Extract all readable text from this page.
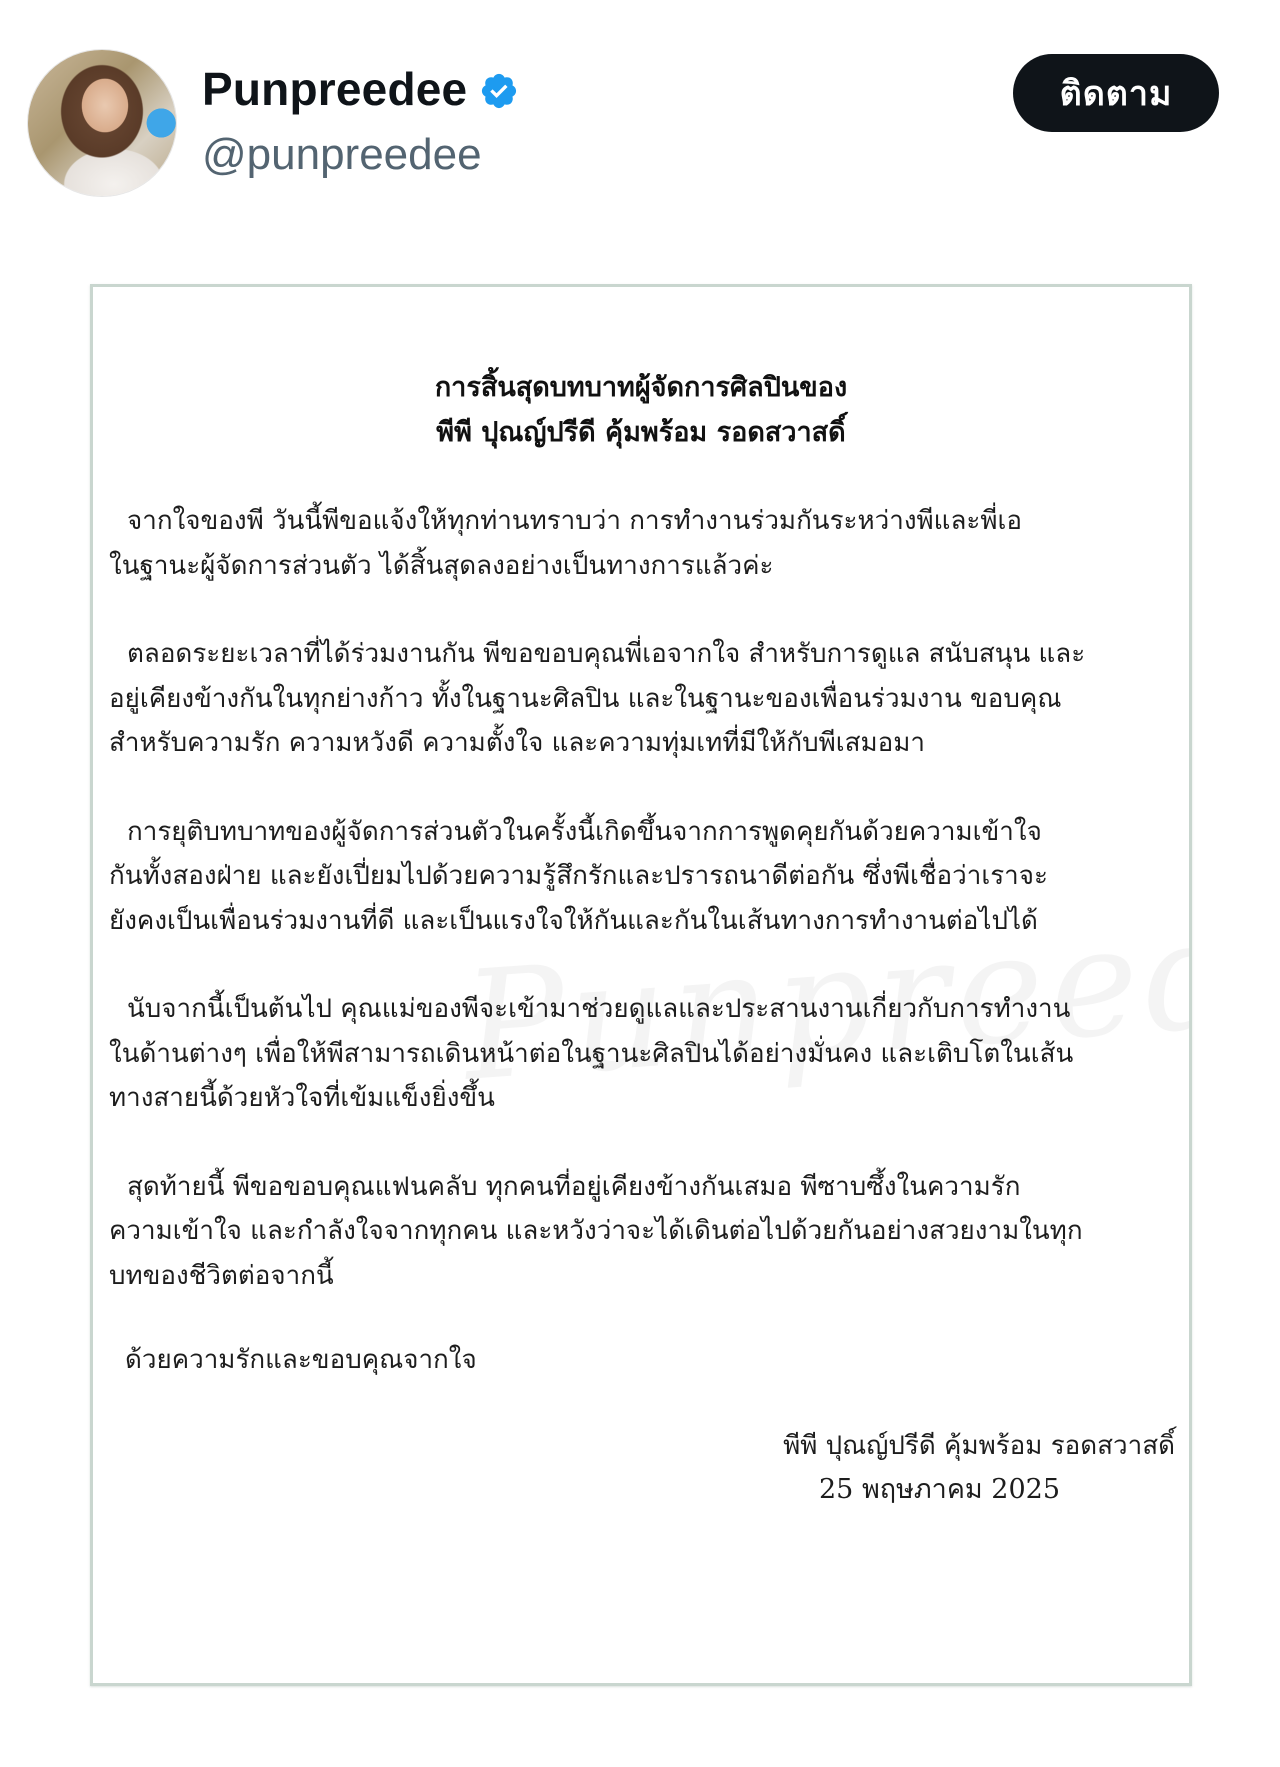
Punpreedee
@punpreedee
ติดตาม
การสิ้นสุดบทบาทผู้จัดการศิลปินของ
พีพี ปุณญ์ปรีดี คุ้มพร้อม รอดสวาสดิ์

จากใจของพี วันนี้พีขอแจ้งให้ทุกท่านทราบว่า การทำงานร่วมกันระหว่างพีและพี่เอ
ในฐานะผู้จัดการส่วนตัว ได้สิ้นสุดลงอย่างเป็นทางการแล้วค่ะ

ตลอดระยะเวลาที่ได้ร่วมงานกัน พีขอขอบคุณพี่เอจากใจ สำหรับการดูแล สนับสนุน และ
อยู่เคียงข้างกันในทุกย่างก้าว ทั้งในฐานะศิลปิน และในฐานะของเพื่อนร่วมงาน ขอบคุณ
สำหรับความรัก ความหวังดี ความตั้งใจ และความทุ่มเทที่มีให้กับพีเสมอมา

การยุติบทบาทของผู้จัดการส่วนตัวในครั้งนี้เกิดขึ้นจากการพูดคุยกันด้วยความเข้าใจ
กันทั้งสองฝ่าย และยังเปี่ยมไปด้วยความรู้สึกรักและปรารถนาดีต่อกัน ซึ่งพีเชื่อว่าเราจะ
ยังคงเป็นเพื่อนร่วมงานที่ดี และเป็นแรงใจให้กันและกันในเส้นทางการทำงานต่อไปได้

นับจากนี้เป็นต้นไป คุณแม่ของพีจะเข้ามาช่วยดูแลและประสานงานเกี่ยวกับการทำงาน
ในด้านต่างๆ เพื่อให้พีสามารถเดินหน้าต่อในฐานะศิลปินได้อย่างมั่นคง และเติบโตในเส้น
ทางสายนี้ด้วยหัวใจที่เข้มแข็งยิ่งขึ้น

สุดท้ายนี้ พีขอขอบคุณแฟนคลับ ทุกคนที่อยู่เคียงข้างกันเสมอ พีซาบซึ้งในความรัก
ความเข้าใจ และกำลังใจจากทุกคน และหวังว่าจะได้เดินต่อไปด้วยกันอย่างสวยงามในทุก
บทของชีวิตต่อจากนี้

ด้วยความรักและขอบคุณจากใจ
พีพี ปุณญ์ปรีดี คุ้มพร้อม รอดสวาสดิ์
25 พฤษภาคม 2025
